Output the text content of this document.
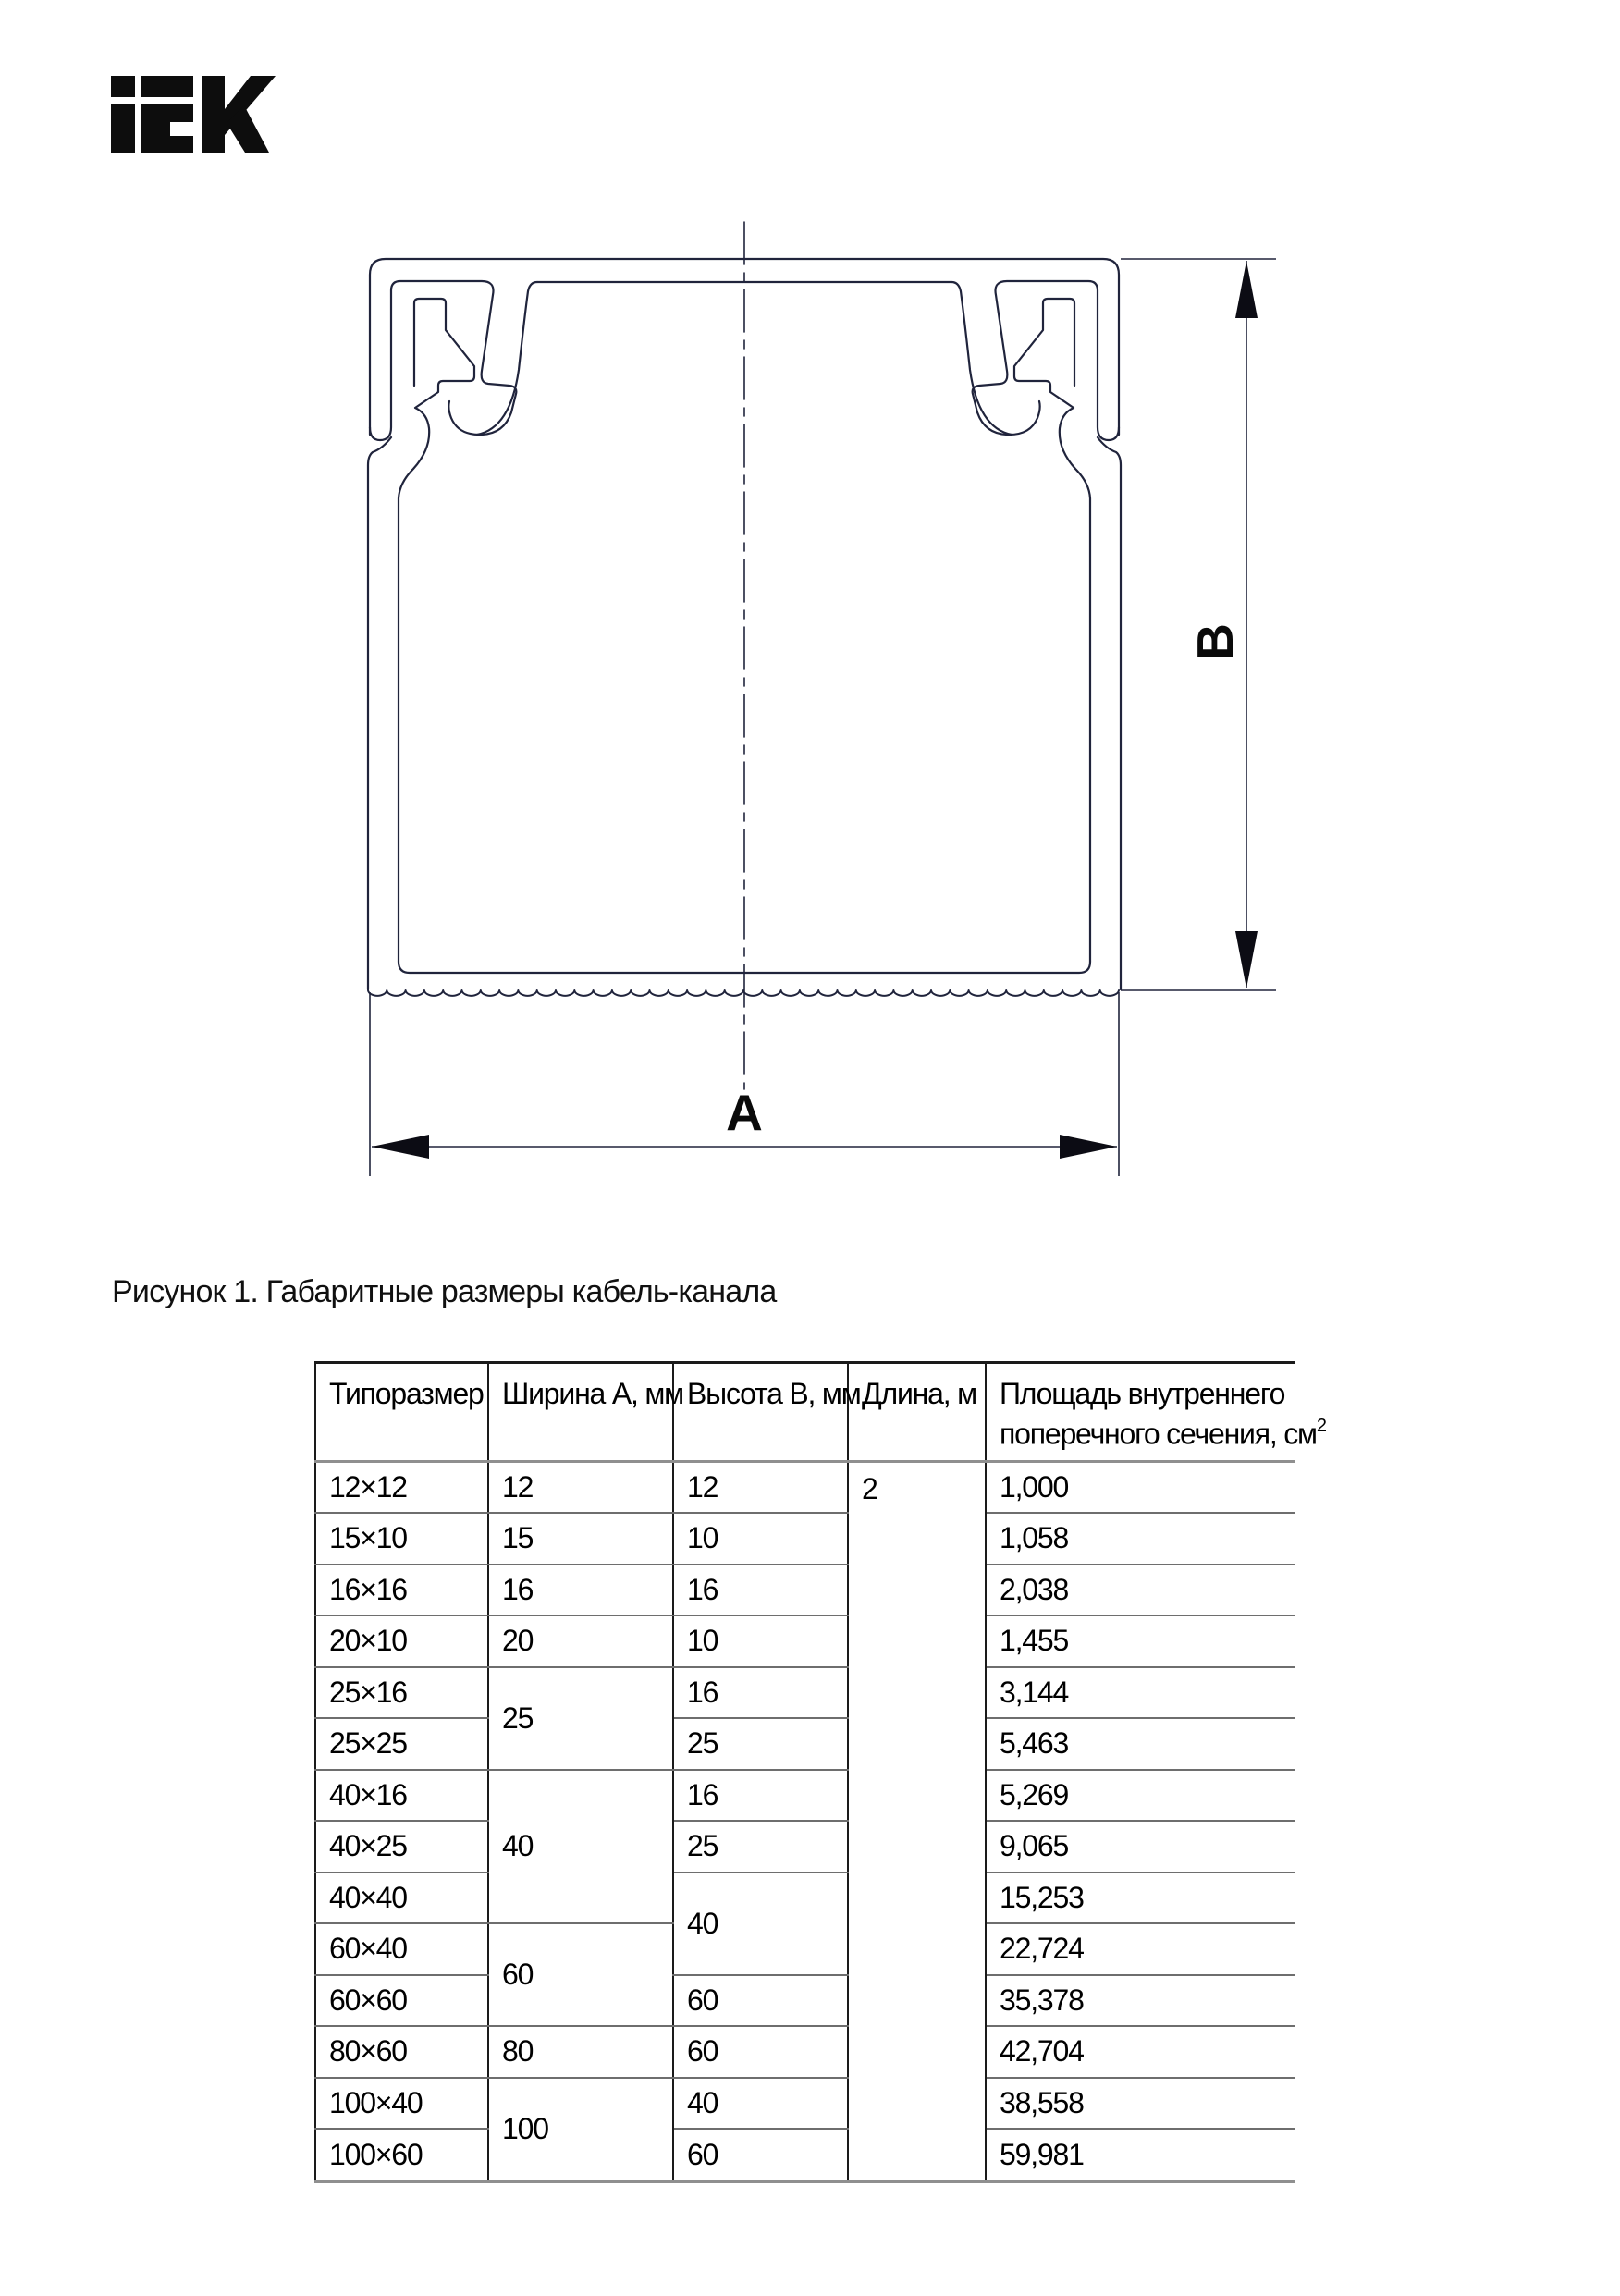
A
B
Рисунок 1. Габаритные размеры кабель-канала
Типоразмер	Ширина А, мм	Высота В, мм	Длина, м	Площадь внутреннего
поперечного сечения, $см^2$
12×12	12	12	2	1,000
15×10	15	10		1,058
16×16	16	16		2,038
20×10	20	10		1,455
25×16	25	16		3,144
25×25		25		5,463
40×16	40	16		5,269
40×25		25		9,065
40×40		40		15,253
60×40	60			22,724
60×60		60		35,378
80×60	80	60		42,704
100×40	100	40		38,558
100×60		60		59,981
